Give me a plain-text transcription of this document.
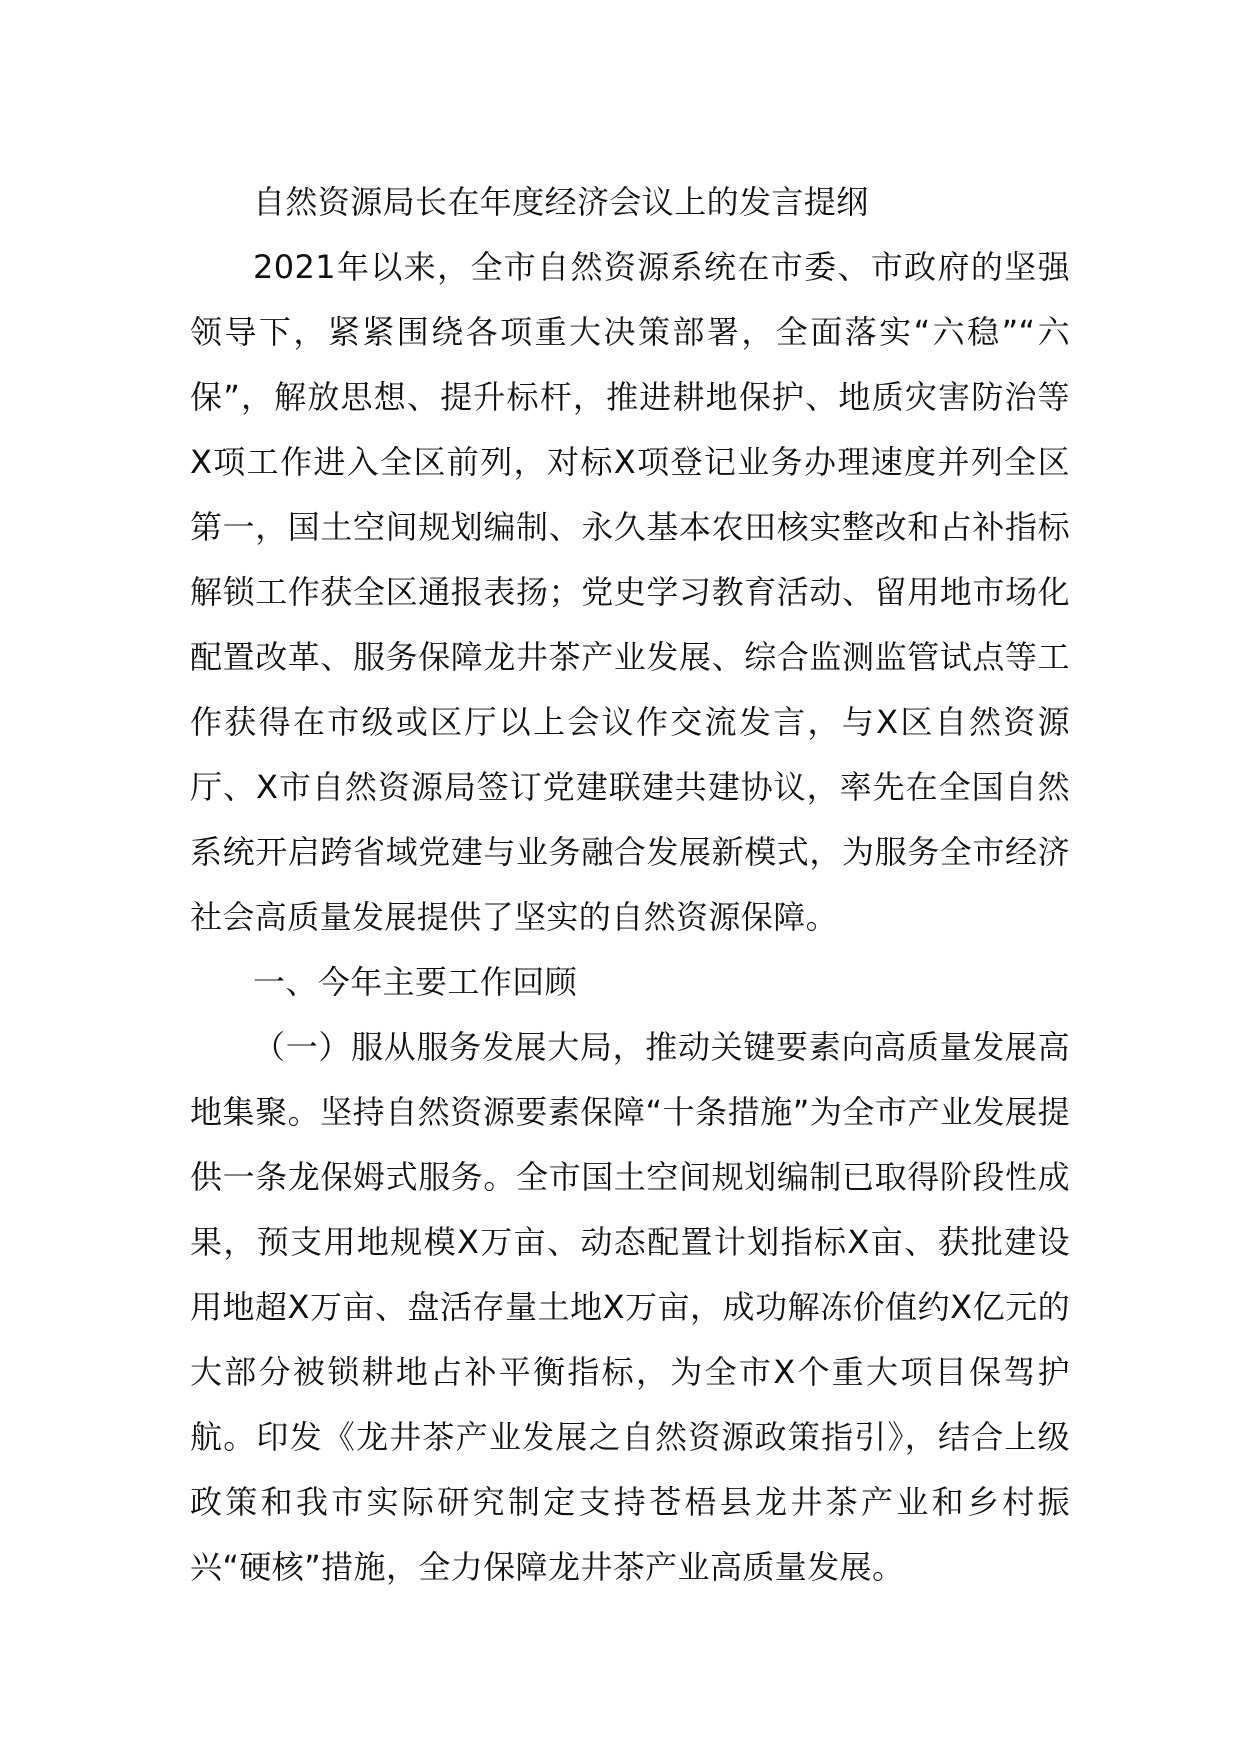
自然资源局长在年度经济会议上的发言提纲

2021年以来，全市自然资源系统在市委、市政府的坚强领导下，紧紧围绕各项重大决策部署，全面落实“六稳”“六保”，解放思想、提升标杆，推进耕地保护、地质灾害防治等X项工作进入全区前列，对标X项登记业务办理速度并列全区第一，国土空间规划编制、永久基本农田核实整改和占补指标解锁工作获全区通报表扬；党史学习教育活动、留用地市场化配置改革、服务保障龙井茶产业发展、综合监测监管试点等工作获得在市级或区厅以上会议作交流发言，与X区自然资源厅、X市自然资源局签订党建联建共建协议，率先在全国自然系统开启跨省域党建与业务融合发展新模式，为服务全市经济社会高质量发展提供了坚实的自然资源保障。

一、今年主要工作回顾

（一）服从服务发展大局，推动关键要素向高质量发展高地集聚。坚持自然资源要素保障“十条措施”为全市产业发展提供一条龙保姆式服务。全市国土空间规划编制已取得阶段性成果，预支用地规模X万亩、动态配置计划指标X亩、获批建设用地超X万亩、盘活存量土地X万亩，成功解冻价值约X亿元的大部分被锁耕地占补平衡指标，为全市X个重大项目保驾护航。印发《龙井茶产业发展之自然资源政策指引》，结合上级政策和我市实际研究制定支持苍梧县龙井茶产业和乡村振兴“硬核”措施，全力保障龙井茶产业高质量发展。
